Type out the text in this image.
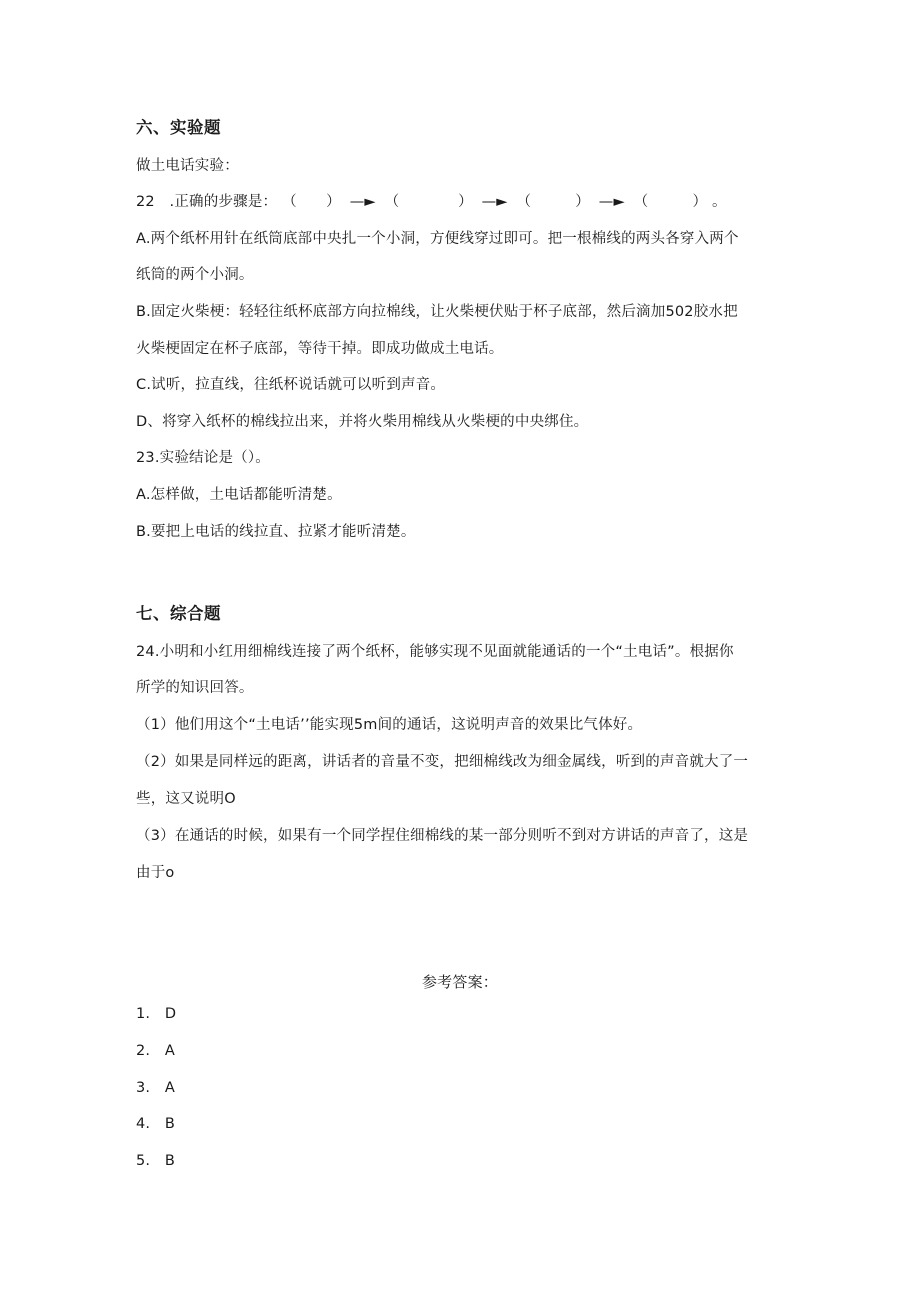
六、实验题
做土电话实验：
22　.正确的步骤是： （　　） —► （　　　　） —► （　　　） —► （　　　） 。
A.两个纸杯用针在纸筒底部中央扎一个小洞，方便线穿过即可。把一根棉线的两头各穿入两个
纸筒的两个小洞。
B.固定火柴梗：轻轻往纸杯底部方向拉棉线，让火柴梗伏贴于杯子底部，然后滴加502胶水把
火柴梗固定在杯子底部，等待干掉。即成功做成土电话。
C.试听，拉直线，往纸杯说话就可以听到声音。
D、将穿入纸杯的棉线拉出来，并将火柴用棉线从火柴梗的中央绑住。
23.实验结论是（）。
A.怎样做，土电话都能听清楚。
B.要把上电话的线拉直、拉紧才能听清楚。
七、综合题
24.小明和小红用细棉线连接了两个纸杯，能够实现不见面就能通话的一个“土电话”。根据你
所学的知识回答。
（1）他们用这个“土电话’’能实现5m间的通话，这说明声音的效果比气体好。
（2）如果是同样远的距离，讲话者的音量不变，把细棉线改为细金属线，听到的声音就大了一
些，这又说明O
（3）在通话的时候，如果有一个同学捏住细棉线的某一部分则听不到对方讲话的声音了，这是
由于o
参考答案：
1.　D
2.　A
3.　A
4.　B
5.　B
